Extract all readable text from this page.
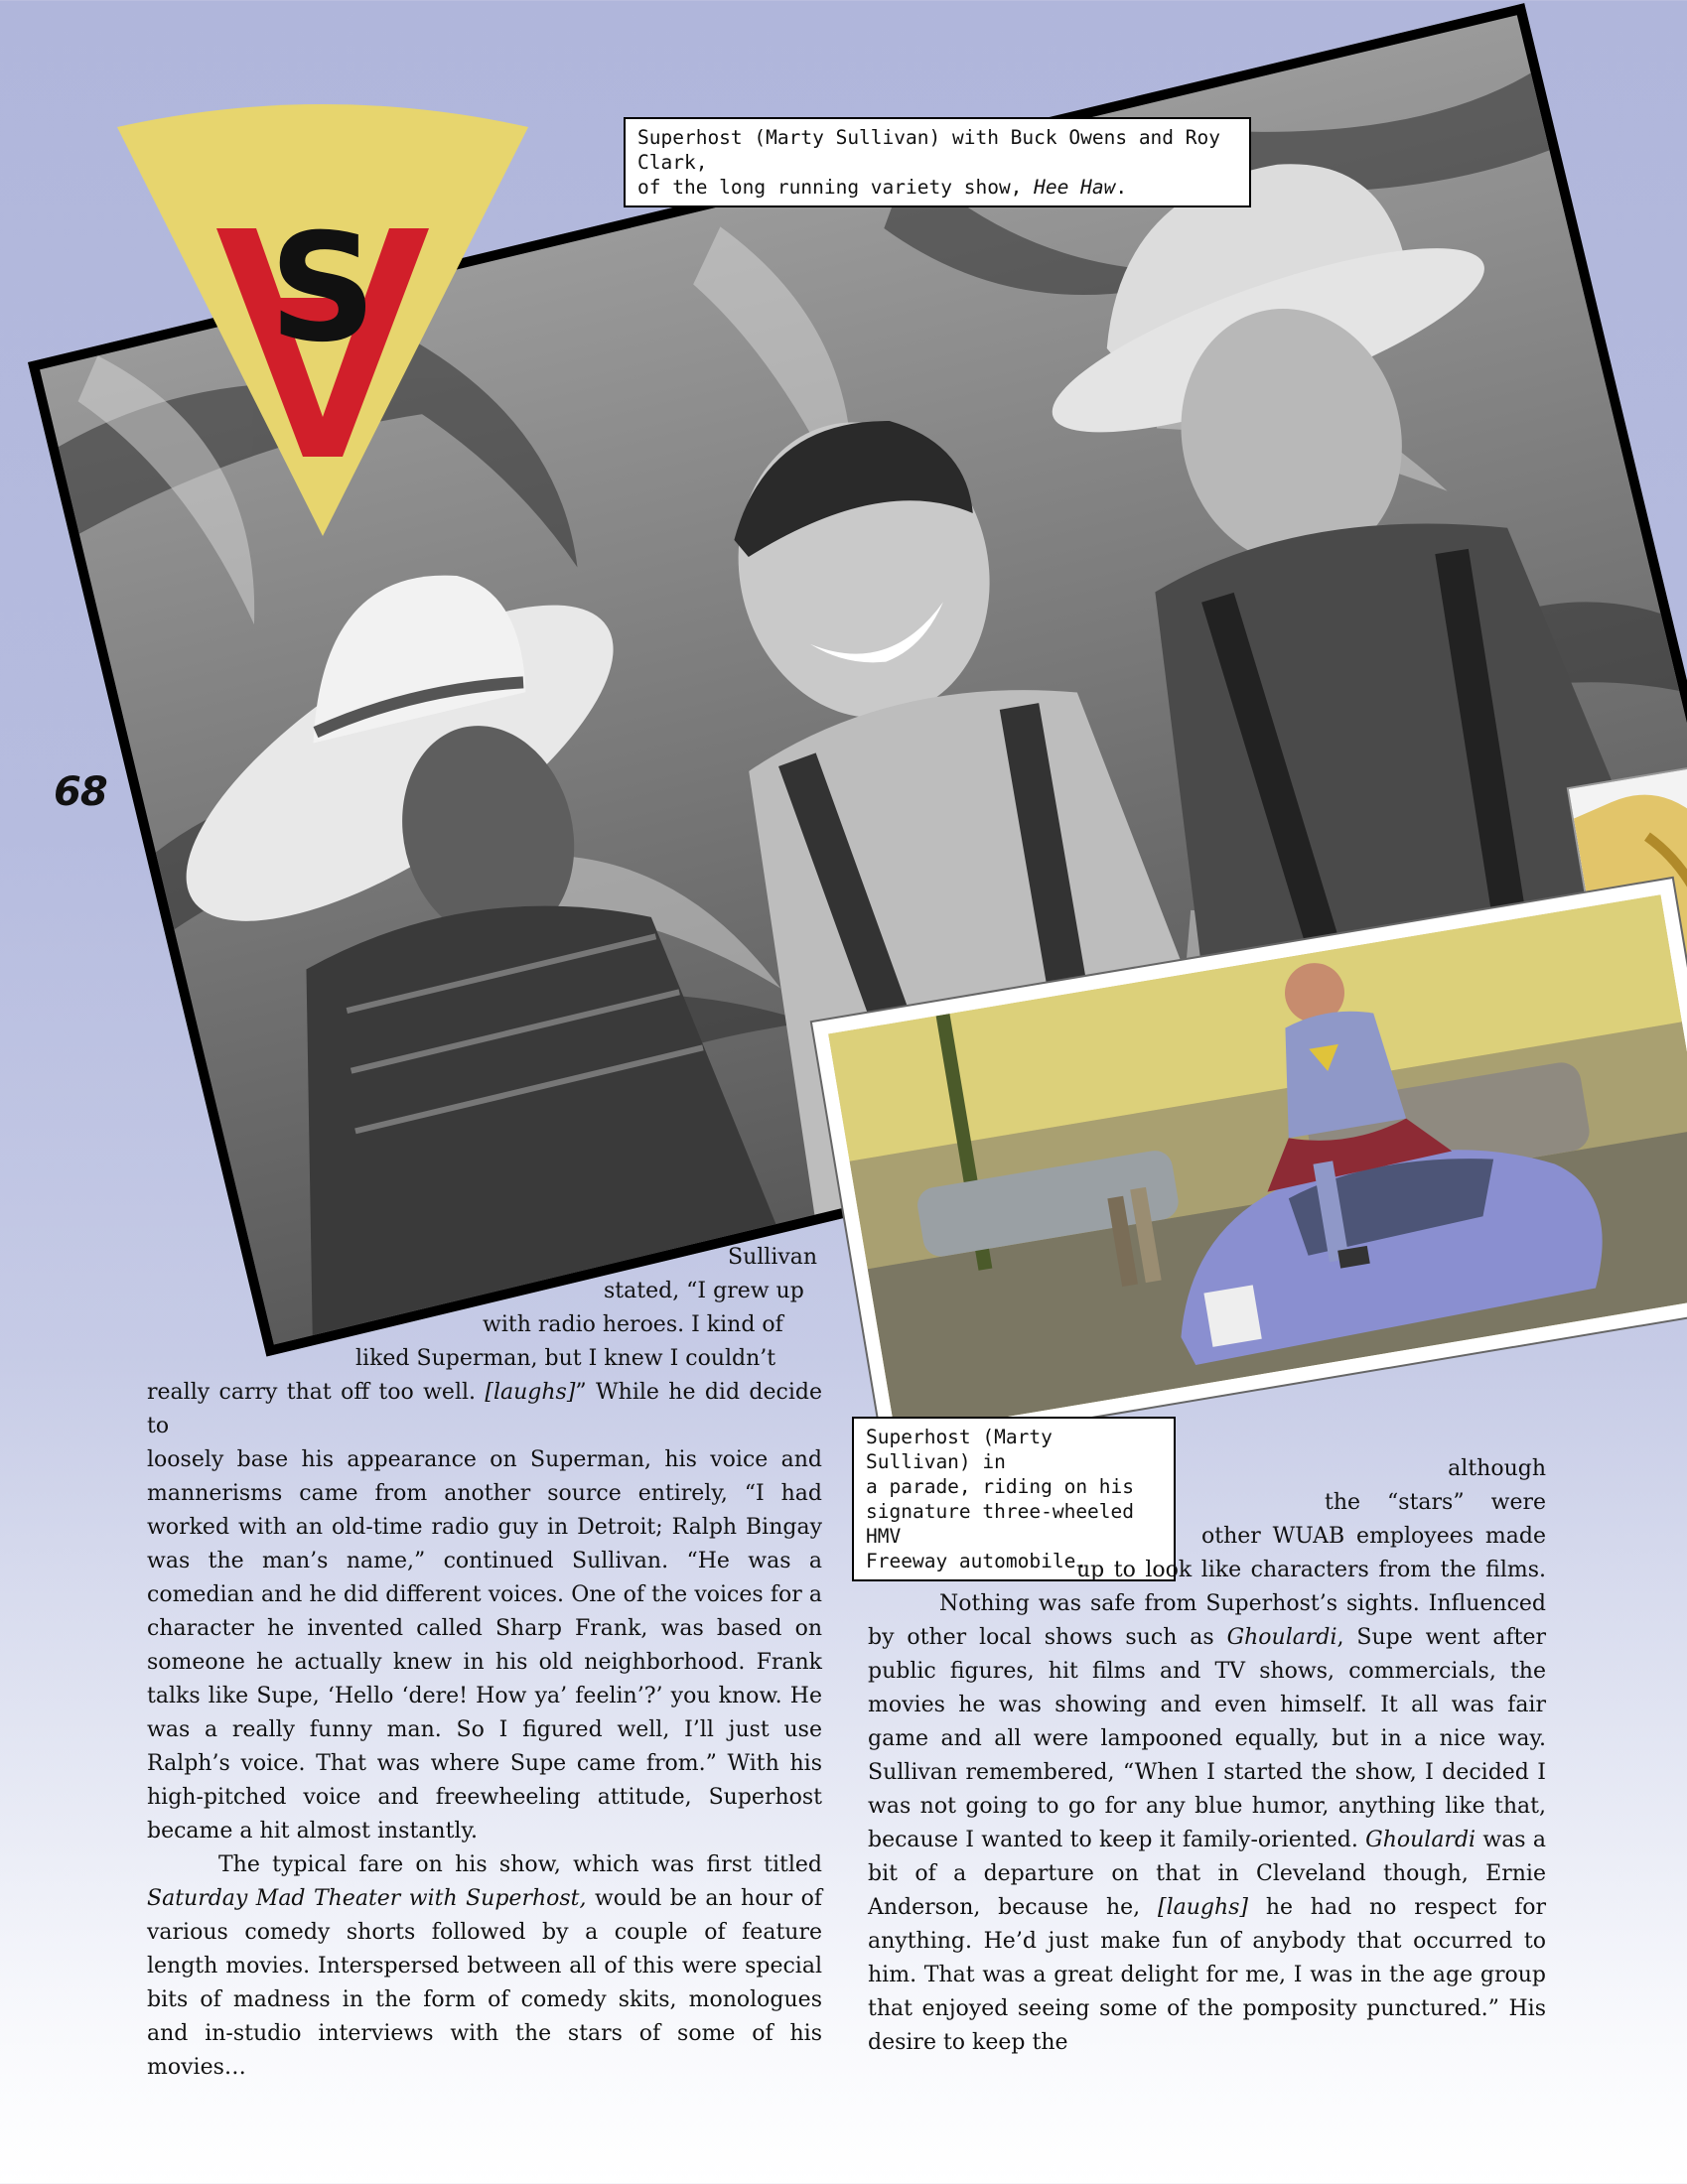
S
68
Superhost (Marty Sullivan) with Buck Owens and Roy Clark,
of the long running variety show, Hee Haw.
Superhost (Marty Sullivan) in
a parade, riding on his
signature three-wheeled HMV
Freeway automobile.
Sullivan
stated, “I grew up
with radio heroes. I kind of
liked Superman, but I knew I couldn’t
really carry that off too well. [laughs]” While he did decide to

loosely base his appearance on Superman, his voice and mannerisms came from another source entirely, “I had worked with an old-time radio guy in Detroit; Ralph Bingay was the man’s name,” continued Sullivan. “He was a comedian and he did different voices. One of the voices for a character he invented called Sharp Frank, was based on someone he actually knew in his old neighborhood. Frank talks like Supe, ‘Hello ‘dere! How ya’ feelin’?’ you know. He was a really funny man. So I figured well, I’ll just use Ralph’s voice. That was where Supe came from.” With his high-pitched voice and freewheeling attitude, Superhost became a hit almost instantly.

The typical fare on his show, which was first titled Saturday Mad Theater with Superhost, would be an hour of various comedy shorts followed by a couple of feature length movies. Interspersed between all of this were special bits of madness in the form of comedy skits, monologues and in-studio interviews with the stars of some of his movies…

although
the “stars” were
other WUAB employees made
up to look like characters from the films.

Nothing was safe from Superhost’s sights. Influenced by other local shows such as Ghoulardi, Supe went after public figures, hit films and TV shows, commercials, the movies he was showing and even himself. It all was fair game and all were lampooned equally, but in a nice way. Sullivan remembered, “When I started the show, I decided I was not going to go for any blue humor, anything like that, because I wanted to keep it family-oriented. Ghoulardi was a bit of a departure on that in Cleveland though, Ernie Anderson, because he, [laughs] he had no respect for anything. He’d just make fun of anybody that occurred to him. That was a great delight for me, I was in the age group that enjoyed seeing some of the pomposity punctured.” His desire to keep the
